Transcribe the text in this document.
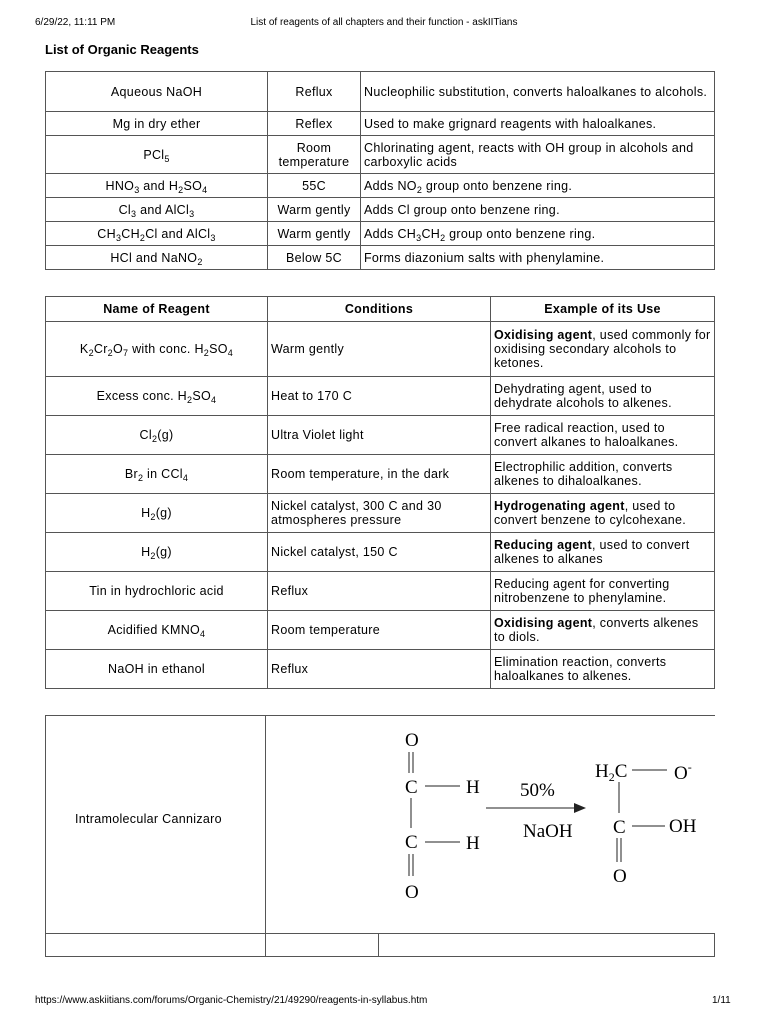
6/29/22, 11:11 PM	List of reagents of all chapters and their function - askIITians
List of Organic Reagents
Aqueous NaOH	Reflux	Nucleophilic substitution, converts haloalkanes to alcohols.
Mg in dry ether	Reflex	Used to make grignard reagents with haloalkanes.
PCl$_5$	Room temperature	Chlorinating agent, reacts with OH group in alcohols and carboxylic acids
$HNO_3$ and $H_2SO_4$	55C	Adds $NO_2$ group onto benzene ring.
$Cl_3$ and AlCl$_3$	Warm gently	Adds Cl group onto benzene ring.
$CH_3CH_2Cl$ and AlCl$_3$	Warm gently	Adds $CH_3CH_2$ group onto benzene ring.
HCl and NaNO$_2$	Below 5C	Forms diazonium salts with phenylamine.
Name of Reagent	Conditions	Example of its Use
$K_2Cr_2O_7$ with conc. $H_2SO_4$	Warm gently	Oxidising agent, used commonly for oxidising secondary alcohols to ketones.
Excess conc. $H_2SO_4$	Heat to 170 C	Dehydrating agent, used to dehydrate alcohols to alkenes.
$Cl_2(g)$	Ultra Violet light	Free radical reaction, used to convert alkanes to haloalkanes.
$Br_2$ in CCl$_4$	Room temperature, in the dark	Electrophilic addition, converts alkenes to dihaloalkanes.
$H_2(g)$	Nickel catalyst, 300 C and 30 atmospheres pressure	Hydrogenating agent, used to convert benzene to cylcohexane.
$H_2(g)$	Nickel catalyst, 150 C	Reducing agent, used to convert alkenes to alkanes
Tin in hydrochloric acid	Reflux	Reducing agent for converting nitrobenzene to phenylamine.
Acidified $KMNO_4$	Room temperature	Oxidising agent, converts alkenes to diols.
NaOH in ethanol	Reflux	Elimination reaction, converts haloalkanes to alkenes.
Intramolecular Cannizaro
O
C	H
C	H
O
50%
NaOH
$H_2C$ O-
C OH
O
https://www.askiitians.com/forums/Organic-Chemistry/21/49290/reagents-in-syllabus.htm	1/11
